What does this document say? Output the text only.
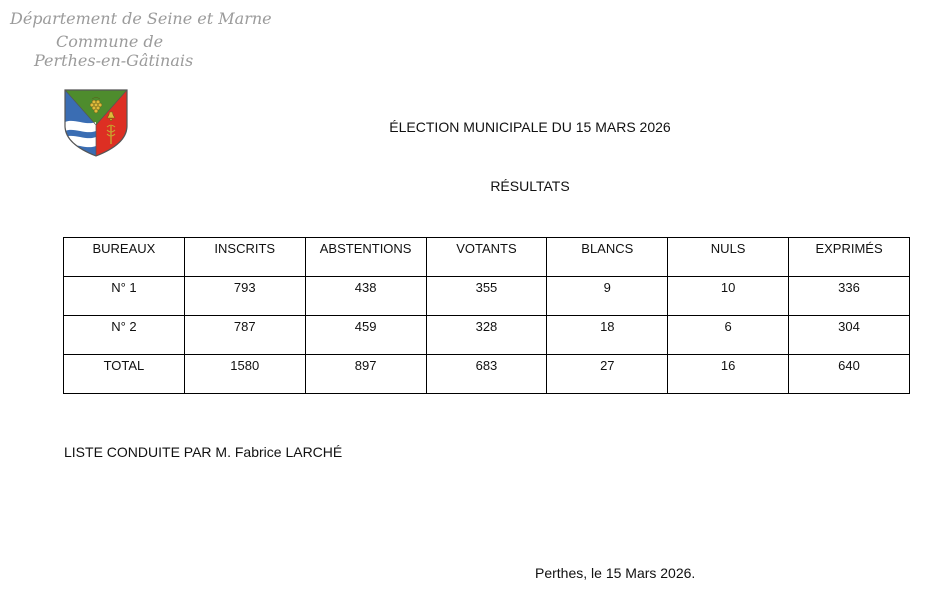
Département de Seine et Marne
Commune de
Perthes-en-Gâtinais
ÉLECTION MUNICIPALE DU 15 MARS 2026
RÉSULTATS
BUREAUX	INSCRITS	ABSTENTIONS	VOTANTS	BLANCS	NULS	EXPRIMÉS
N° 1	793	438	355	9	10	336
N° 2	787	459	328	18	6	304
TOTAL	1580	897	683	27	16	640
LISTE CONDUITE PAR M. Fabrice LARCHÉ
Perthes, le 15 Mars 2026.
